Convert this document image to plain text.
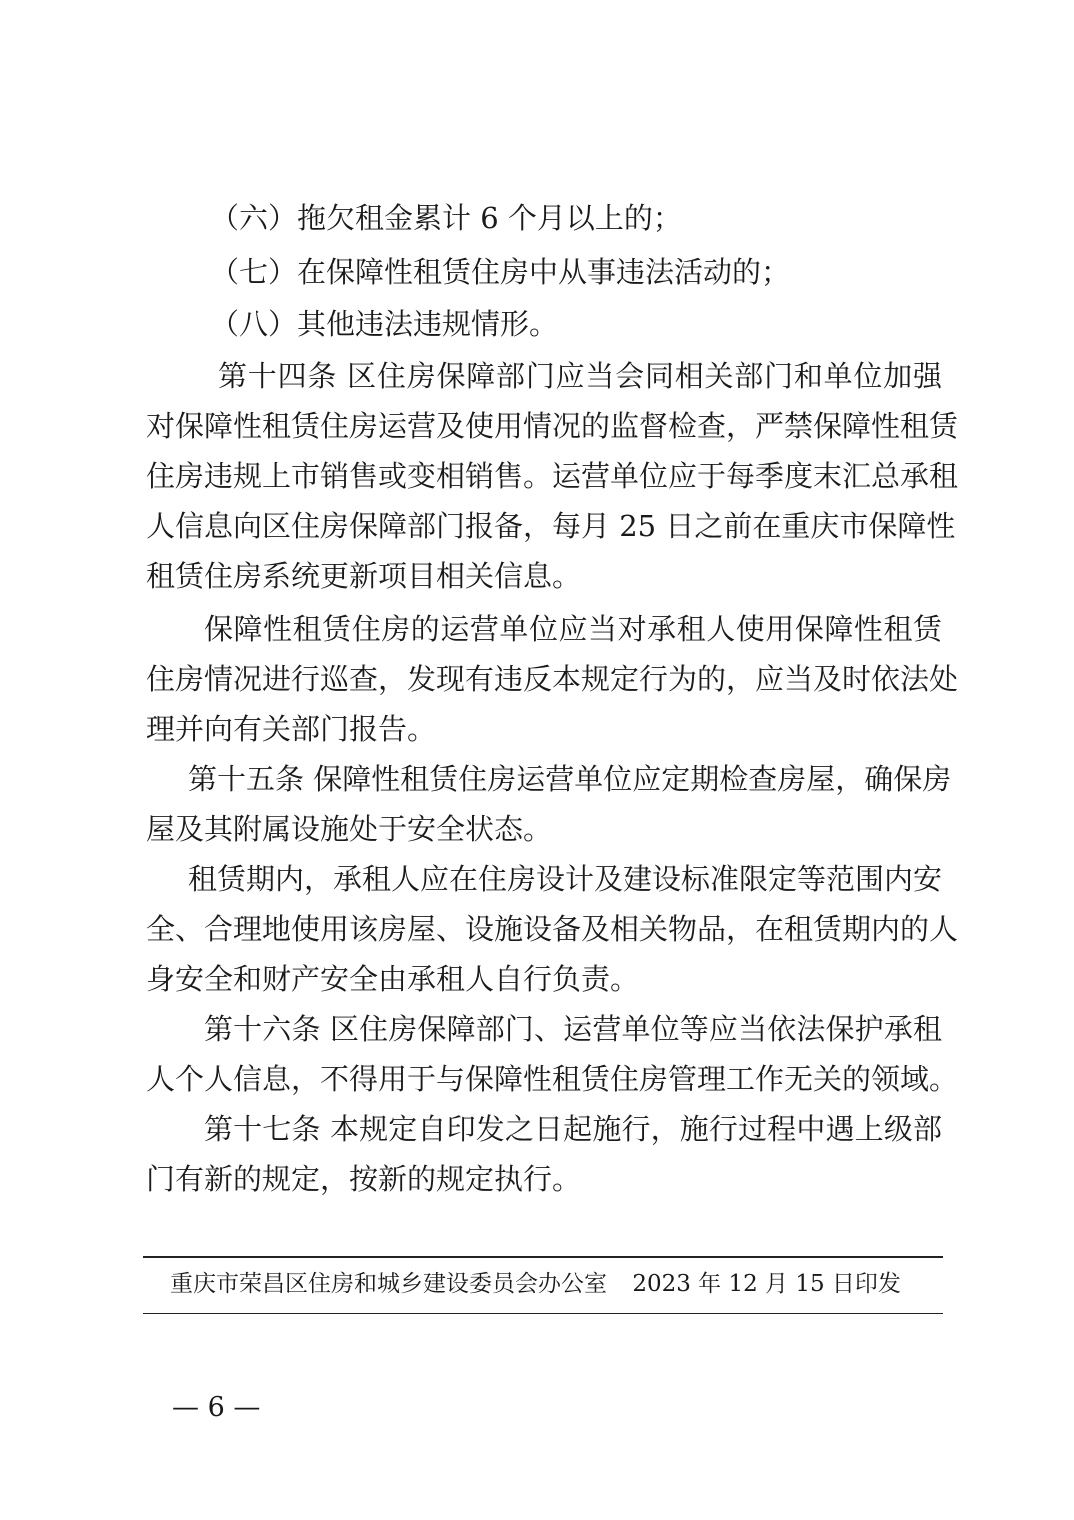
（六）拖欠租金累计 6 个月以上的；
（七）在保障性租赁住房中从事违法活动的；
（八）其他违法违规情形。
第十四条 区住房保障部门应当会同相关部门和单位加强
对保障性租赁住房运营及使用情况的监督检查，严禁保障性租赁
住房违规上市销售或变相销售。运营单位应于每季度末汇总承租
人信息向区住房保障部门报备，每月 25 日之前在重庆市保障性
租赁住房系统更新项目相关信息。
保障性租赁住房的运营单位应当对承租人使用保障性租赁
住房情况进行巡查，发现有违反本规定行为的，应当及时依法处
理并向有关部门报告。
第十五条 保障性租赁住房运营单位应定期检查房屋，确保房
屋及其附属设施处于安全状态。
租赁期内，承租人应在住房设计及建设标准限定等范围内安
全、合理地使用该房屋、设施设备及相关物品，在租赁期内的人
身安全和财产安全由承租人自行负责。
第十六条 区住房保障部门、运营单位等应当依法保护承租
人个人信息，不得用于与保障性租赁住房管理工作无关的领域。
第十七条 本规定自印发之日起施行，施行过程中遇上级部
门有新的规定，按新的规定执行。
重庆市荣昌区住房和城乡建设委员会办公室 2023 年 12 月 15 日印发
— 6 —
